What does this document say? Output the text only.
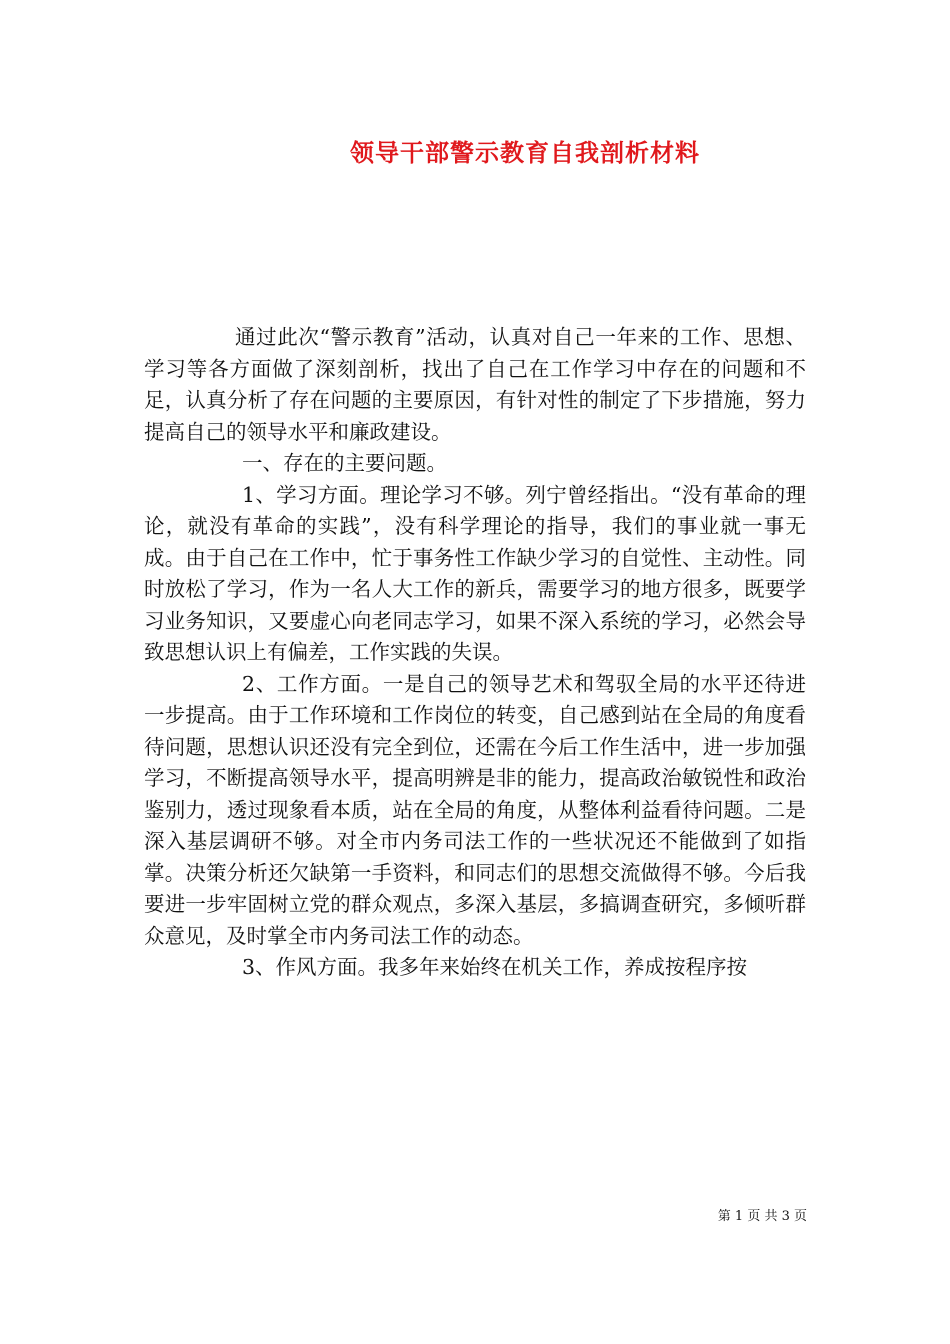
领导干部警示教育自我剖析材料

通过此次“警示教育”活动，认真对自己一年来的工作、思想、学习等各方面做了深刻剖析，找出了自己在工作学习中存在的问题和不足，认真分析了存在问题的主要原因，有针对性的制定了下步措施，努力提高自己的领导水平和廉政建设。

一、存在的主要问题。

1、学习方面。理论学习不够。列宁曾经指出。“没有革命的理论，就没有革命的实践”，没有科学理论的指导，我们的事业就一事无成。由于自己在工作中，忙于事务性工作缺少学习的自觉性、主动性。同时放松了学习，作为一名人大工作的新兵，需要学习的地方很多，既要学习业务知识，又要虚心向老同志学习，如果不深入系统的学习，必然会导致思想认识上有偏差，工作实践的失误。

2、工作方面。一是自己的领导艺术和驾驭全局的水平还待进一步提高。由于工作环境和工作岗位的转变，自己感到站在全局的角度看待问题，思想认识还没有完全到位，还需在今后工作生活中，进一步加强学习，不断提高领导水平，提高明辨是非的能力，提高政治敏锐性和政治鉴别力，透过现象看本质，站在全局的角度，从整体利益看待问题。二是深入基层调研不够。对全市内务司法工作的一些状况还不能做到了如指掌。决策分析还欠缺第一手资料，和同志们的思想交流做得不够。今后我要进一步牢固树立党的群众观点，多深入基层，多搞调查研究，多倾听群众意见，及时掌全市内务司法工作的动态。

3、作风方面。我多年来始终在机关工作，养成按程序按

第 1 页 共 3 页
